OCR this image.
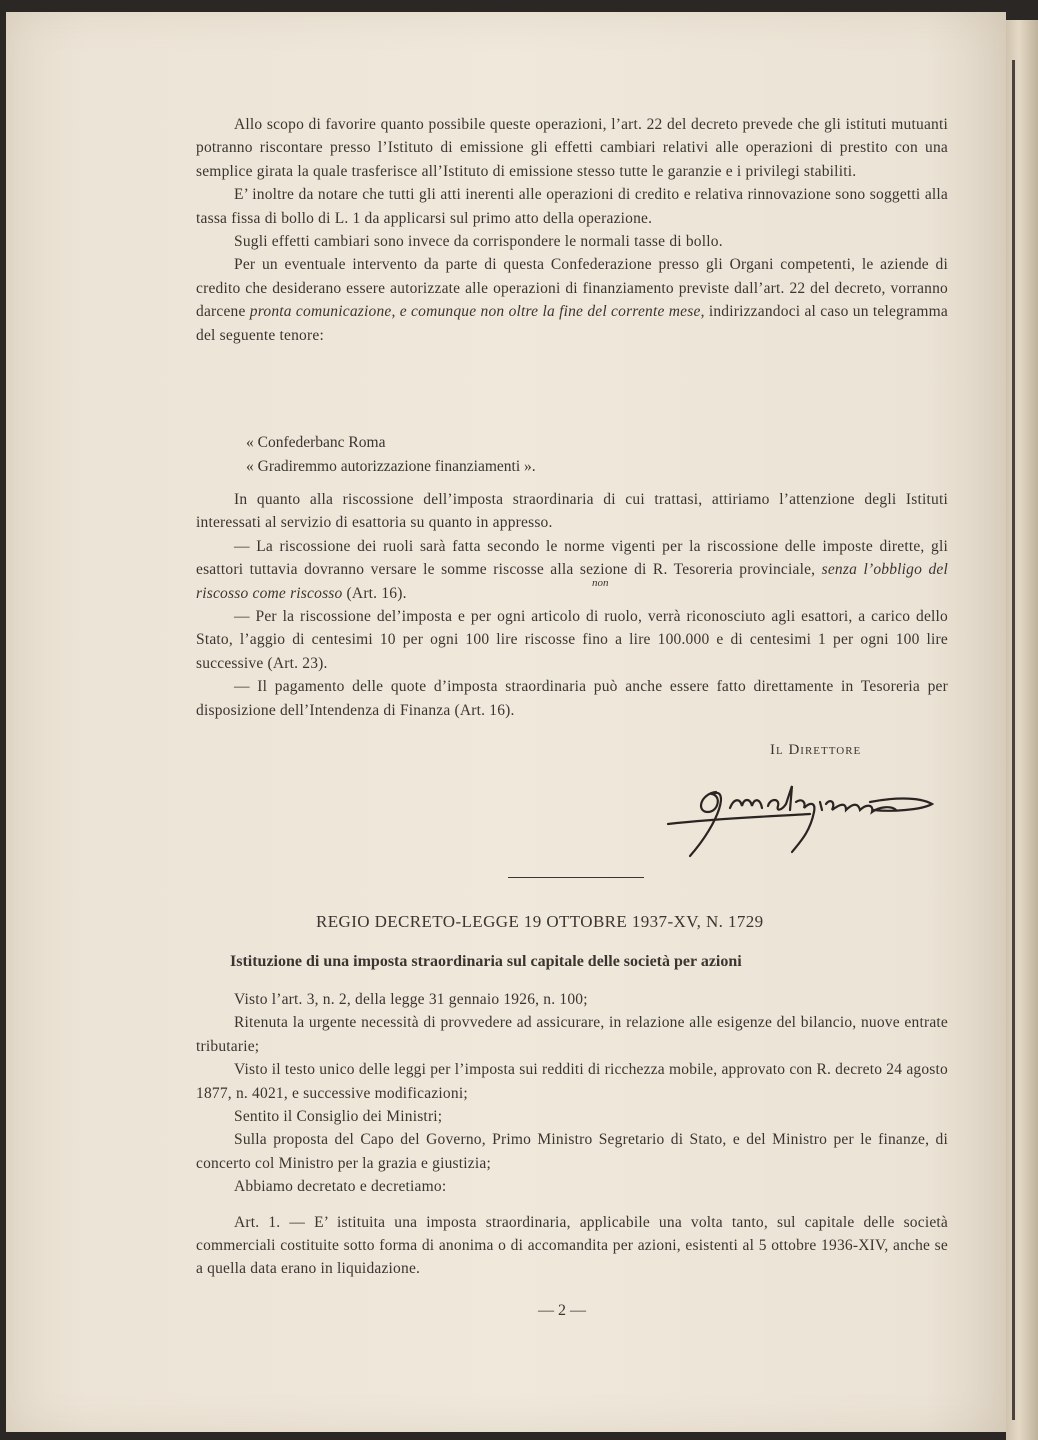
Allo scopo di favorire quanto possibile queste operazioni, l’art. 22 del decreto prevede che gli istituti mutuanti potranno riscontare presso l’Istituto di emissione gli effetti cambiari relativi alle operazioni di prestito con una semplice girata la quale trasferisce all’Istituto di emissione stesso tutte le garanzie e i privilegi stabiliti.

E’ inoltre da notare che tutti gli atti inerenti alle operazioni di credito e relativa rinnovazione sono soggetti alla tassa fissa di bollo di L. 1 da applicarsi sul primo atto della operazione.

Sugli effetti cambiari sono invece da corrispondere le normali tasse di bollo.

Per un eventuale intervento da parte di questa Confederazione presso gli Organi competenti, le aziende di credito che desiderano essere autorizzate alle operazioni di finanziamento previste dall’art. 22 del decreto, vorranno darcene pronta comunicazione, e comunque non oltre la fine del corrente mese, indirizzandoci al caso un telegramma del seguente tenore:

« Confederbanc Roma
« Gradiremmo autorizzazione finanziamenti ».

In quanto alla riscossione dell’imposta straordinaria di cui trattasi, attiriamo l’attenzione degli Istituti interessati al servizio di esattoria su quanto in appresso.

— La riscossione dei ruoli sarà fatta secondo le norme vigenti per la riscossione delle imposte dirette, gli esattori tuttavia dovranno versare le somme riscosse alla sezione di R. Tesoreria provinciale, senza l’obbligo del riscosso come riscosso (Art. 16).

— Per la riscossione del’imposta e per ogni articolo di ruolo, verrà riconosciuto agli esattori, a carico dello Stato, l’aggio di centesimi 10 per ogni 100 lire riscosse fino a lire 100.000 e di centesimi 1 per ogni 100 lire successive (Art. 23).

— Il pagamento delle quote d’imposta straordinaria può anche essere fatto direttamente in Tesoreria per disposizione dell’Intendenza di Finanza (Art. 16).

non
Il Direttore
REGIO DECRETO-LEGGE 19 OTTOBRE 1937-XV, N. 1729
Istituzione di una imposta straordinaria sul capitale delle società per azioni

Visto l’art. 3, n. 2, della legge 31 gennaio 1926, n. 100;

Ritenuta la urgente necessità di provvedere ad assicurare, in relazione alle esigenze del bilancio, nuove entrate tributarie;

Visto il testo unico delle leggi per l’imposta sui redditi di ricchezza mobile, approvato con R. decreto 24 agosto 1877, n. 4021, e successive modificazioni;

Sentito il Consiglio dei Ministri;

Sulla proposta del Capo del Governo, Primo Ministro Segretario di Stato, e del Ministro per le finanze, di concerto col Ministro per la grazia e giustizia;

Abbiamo decretato e decretiamo:

Art. 1. — E’ istituita una imposta straordinaria, applicabile una volta tanto, sul capitale delle società commerciali costituite sotto forma di anonima o di accomandita per azioni, esistenti al 5 ottobre 1936-XIV, anche se a quella data erano in liquidazione.

— 2 —
